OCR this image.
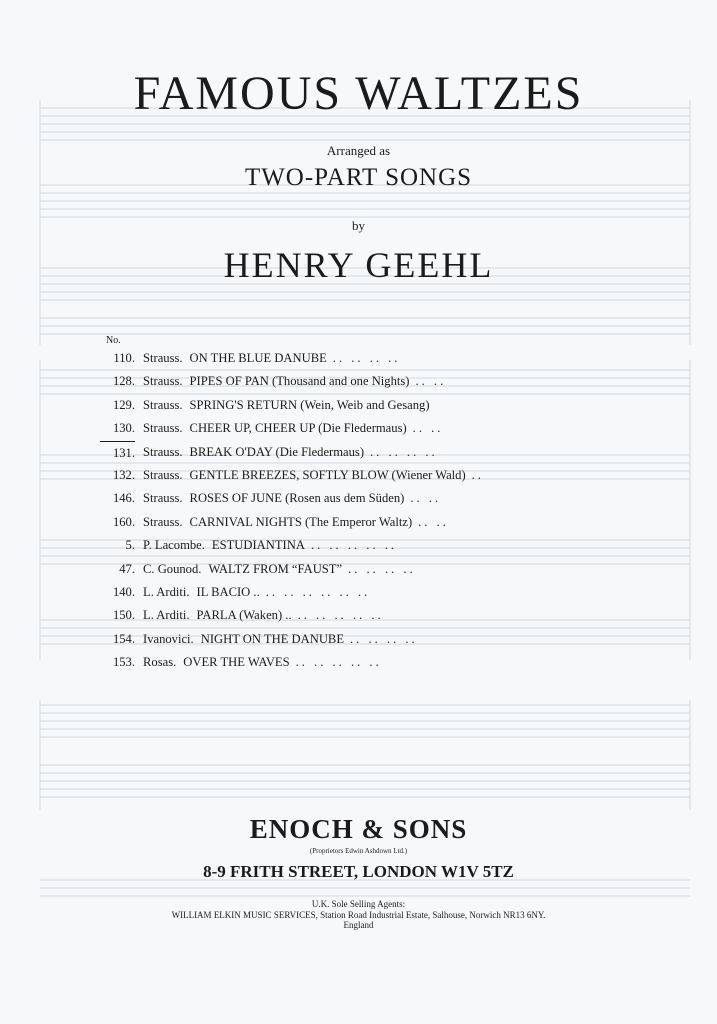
FAMOUS WALTZES
Arranged as
TWO-PART SONGS
by
HENRY GEEHL
No.
110. Strauss. ON THE BLUE DANUBE .. .. .. ..
128. Strauss. PIPES OF PAN (Thousand and one Nights) .. ..
129. Strauss. SPRING'S RETURN (Wein, Weib and Gesang)
130. Strauss. CHEER UP, CHEER UP (Die Fledermaus) .. ..
131. Strauss. BREAK O'DAY (Die Fledermaus) .. .. .. ..
132. Strauss. GENTLE BREEZES, SOFTLY BLOW (Wiener Wald) ..
146. Strauss. ROSES OF JUNE (Rosen aus dem Süden) .. ..
160. Strauss. CARNIVAL NIGHTS (The Emperor Waltz) .. ..
5. P. Lacombe. ESTUDIANTINA .. .. .. .. ..
47. C. Gounod. WALTZ FROM “FAUST” .. .. .. ..
140. L. Arditi. IL BACIO .. .. .. .. .. .. ..
150. L. Arditi. PARLA (Waken) .. .. .. .. .. ..
154. Ivanovici. NIGHT ON THE DANUBE .. .. .. ..
153. Rosas. OVER THE WAVES .. .. .. .. ..
ENOCH & SONS
(Proprietors Edwin Ashdown Ltd.)
8-9 FRITH STREET, LONDON W1V 5TZ
U.K. Sole Selling Agents:
WILLIAM ELKIN MUSIC SERVICES, Station Road Industrial Estate, Salhouse, Norwich NR13 6NY.
England
